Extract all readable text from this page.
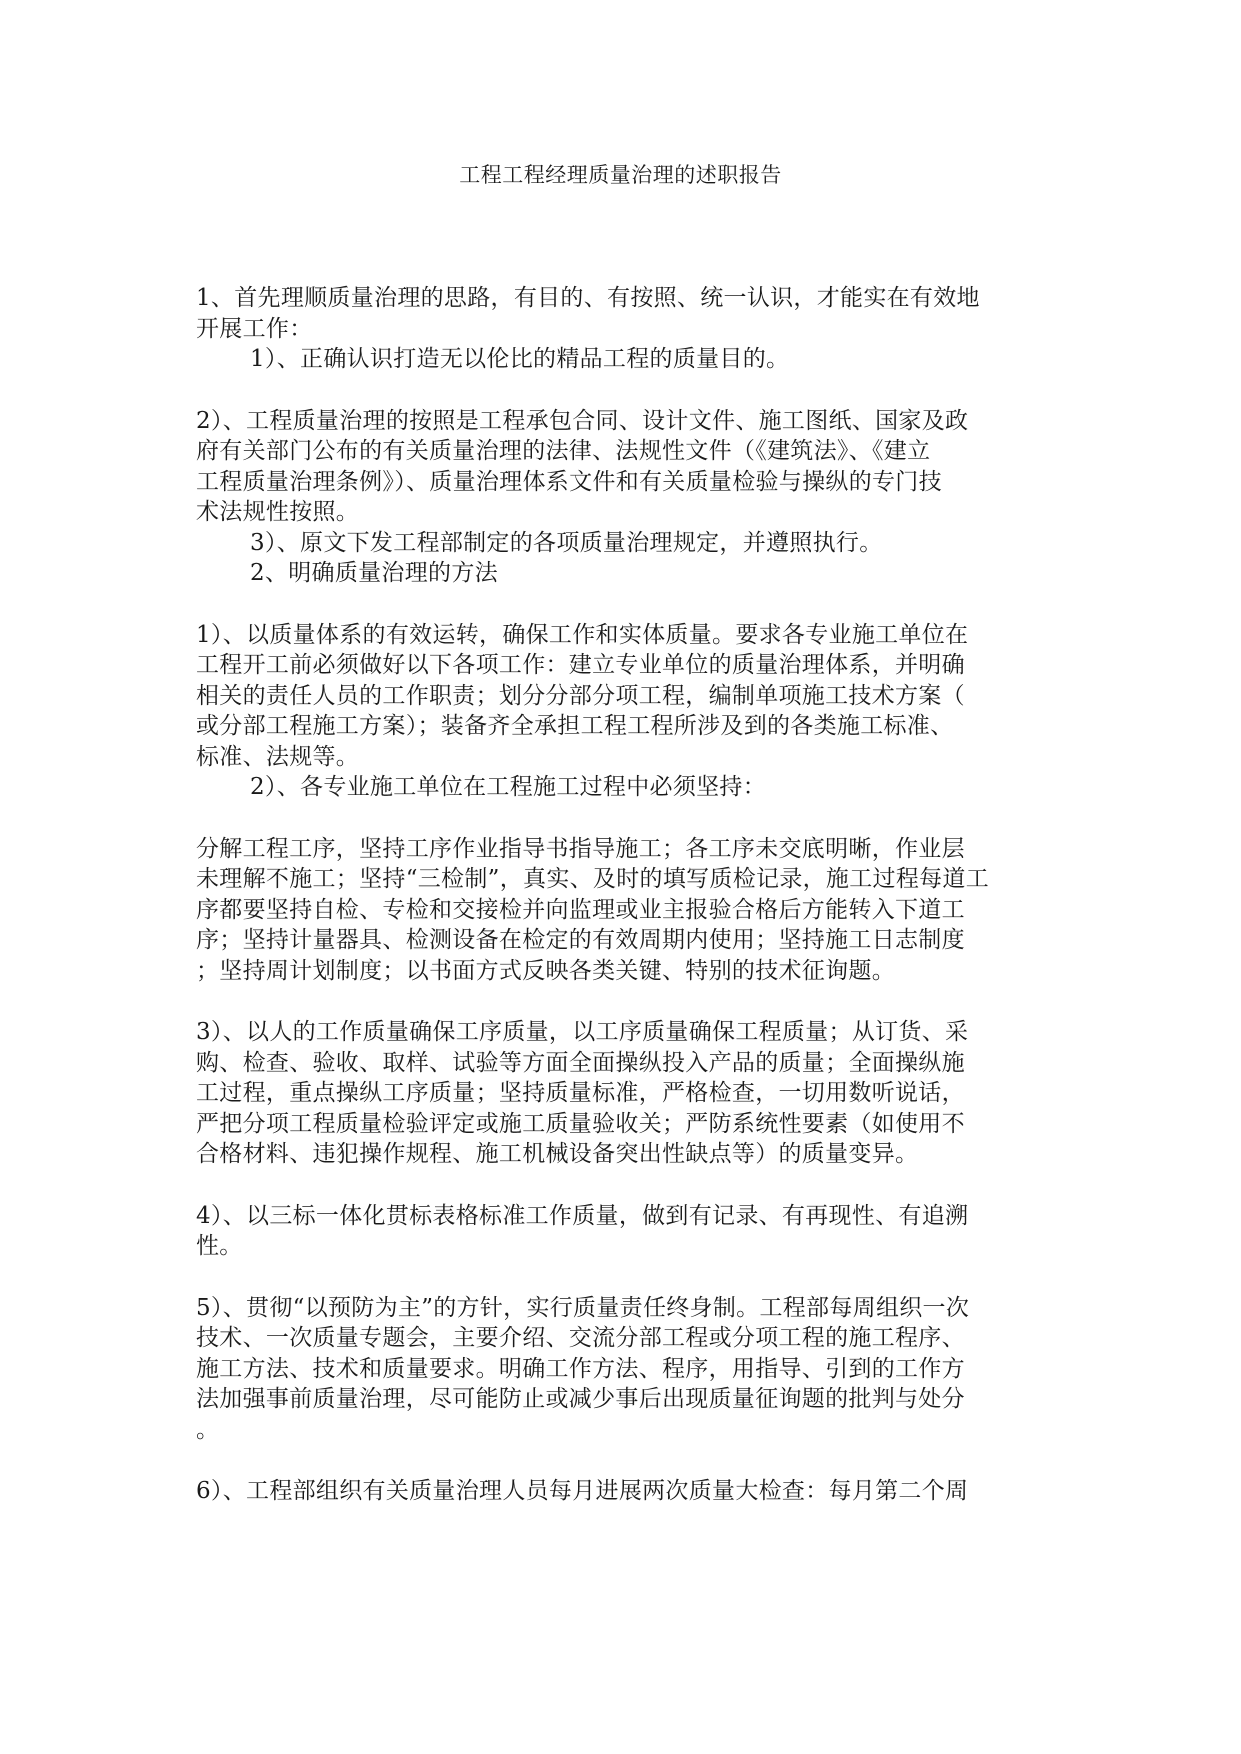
工程工程经理质量治理的述职报告

1、首先理顺质量治理的思路，有目的、有按照、统一认识，才能实在有效地
开展工作：

1）、正确认识打造无以伦比的精品工程的质量目的。

2）、工程质量治理的按照是工程承包合同、设计文件、施工图纸、国家及政
府有关部门公布的有关质量治理的法律、法规性文件（《建筑法》、《建立
工程质量治理条例》）、质量治理体系文件和有关质量检验与操纵的专门技
术法规性按照。

3）、原文下发工程部制定的各项质量治理规定，并遵照执行。

2、明确质量治理的方法

1）、以质量体系的有效运转，确保工作和实体质量。要求各专业施工单位在
工程开工前必须做好以下各项工作：建立专业单位的质量治理体系，并明确
相关的责任人员的工作职责；划分分部分项工程，编制单项施工技术方案（
或分部工程施工方案）；装备齐全承担工程工程所涉及到的各类施工标准、
标准、法规等。

2）、各专业施工单位在工程施工过程中必须坚持：

分解工程工序，坚持工序作业指导书指导施工；各工序未交底明晰，作业层
未理解不施工；坚持“三检制”，真实、及时的填写质检记录，施工过程每道工
序都要坚持自检、专检和交接检并向监理或业主报验合格后方能转入下道工
序；坚持计量器具、检测设备在检定的有效周期内使用；坚持施工日志制度
；坚持周计划制度；以书面方式反映各类关键、特别的技术征询题。

3）、以人的工作质量确保工序质量，以工序质量确保工程质量；从订货、采
购、检查、验收、取样、试验等方面全面操纵投入产品的质量；全面操纵施
工过程，重点操纵工序质量；坚持质量标准，严格检查，一切用数听说话，
严把分项工程质量检验评定或施工质量验收关；严防系统性要素（如使用不
合格材料、违犯操作规程、施工机械设备突出性缺点等）的质量变异。

4）、以三标一体化贯标表格标准工作质量，做到有记录、有再现性、有追溯
性。

5）、贯彻“以预防为主”的方针，实行质量责任终身制。工程部每周组织一次
技术、一次质量专题会，主要介绍、交流分部工程或分项工程的施工程序、
施工方法、技术和质量要求。明确工作方法、程序，用指导、引到的工作方
法加强事前质量治理，尽可能防止或减少事后出现质量征询题的批判与处分
。

6）、工程部组织有关质量治理人员每月进展两次质量大检查：每月第二个周
